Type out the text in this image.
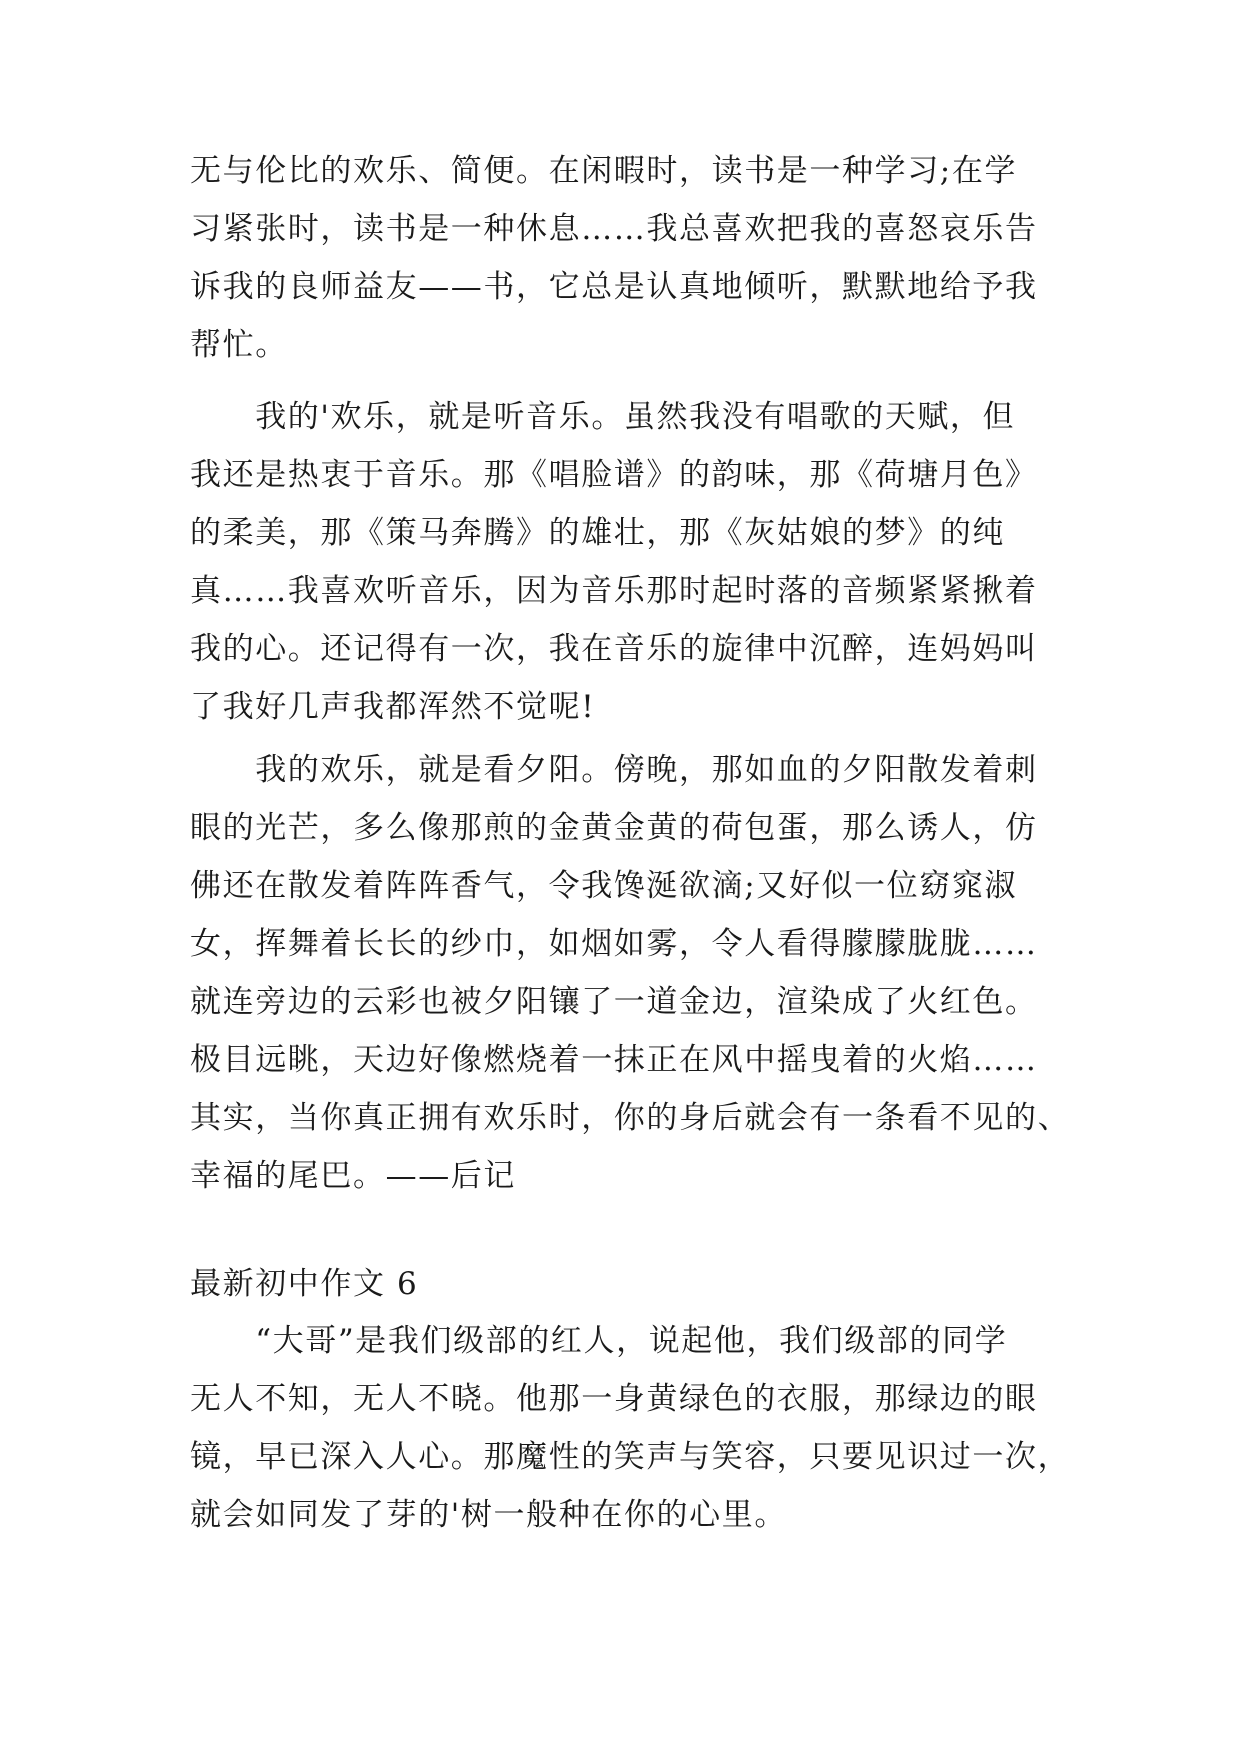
无与伦比的欢乐、简便。在闲暇时，读书是一种学习;在学
习紧张时，读书是一种休息……我总喜欢把我的喜怒哀乐告
诉我的良师益友——书，它总是认真地倾听，默默地给予我
帮忙。
　　我的'欢乐，就是听音乐。虽然我没有唱歌的天赋，但
我还是热衷于音乐。那《唱脸谱》的韵味，那《荷塘月色》
的柔美，那《策马奔腾》的雄壮，那《灰姑娘的梦》的纯
真……我喜欢听音乐，因为音乐那时起时落的音频紧紧揪着
我的心。还记得有一次，我在音乐的旋律中沉醉，连妈妈叫
了我好几声我都浑然不觉呢!
　　我的欢乐，就是看夕阳。傍晚，那如血的夕阳散发着刺
眼的光芒，多么像那煎的金黄金黄的荷包蛋，那么诱人，仿
佛还在散发着阵阵香气，令我馋涎欲滴;又好似一位窈窕淑
女，挥舞着长长的纱巾，如烟如雾，令人看得朦朦胧胧……
就连旁边的云彩也被夕阳镶了一道金边，渲染成了火红色。
极目远眺，天边好像燃烧着一抹正在风中摇曳着的火焰……
其实，当你真正拥有欢乐时，你的身后就会有一条看不见的、
幸福的尾巴。——后记
最新初中作文 6
　　“大哥”是我们级部的红人，说起他，我们级部的同学
无人不知，无人不晓。他那一身黄绿色的衣服，那绿边的眼
镜，早已深入人心。那魔性的笑声与笑容，只要见识过一次，
就会如同发了芽的'树一般种在你的心里。
